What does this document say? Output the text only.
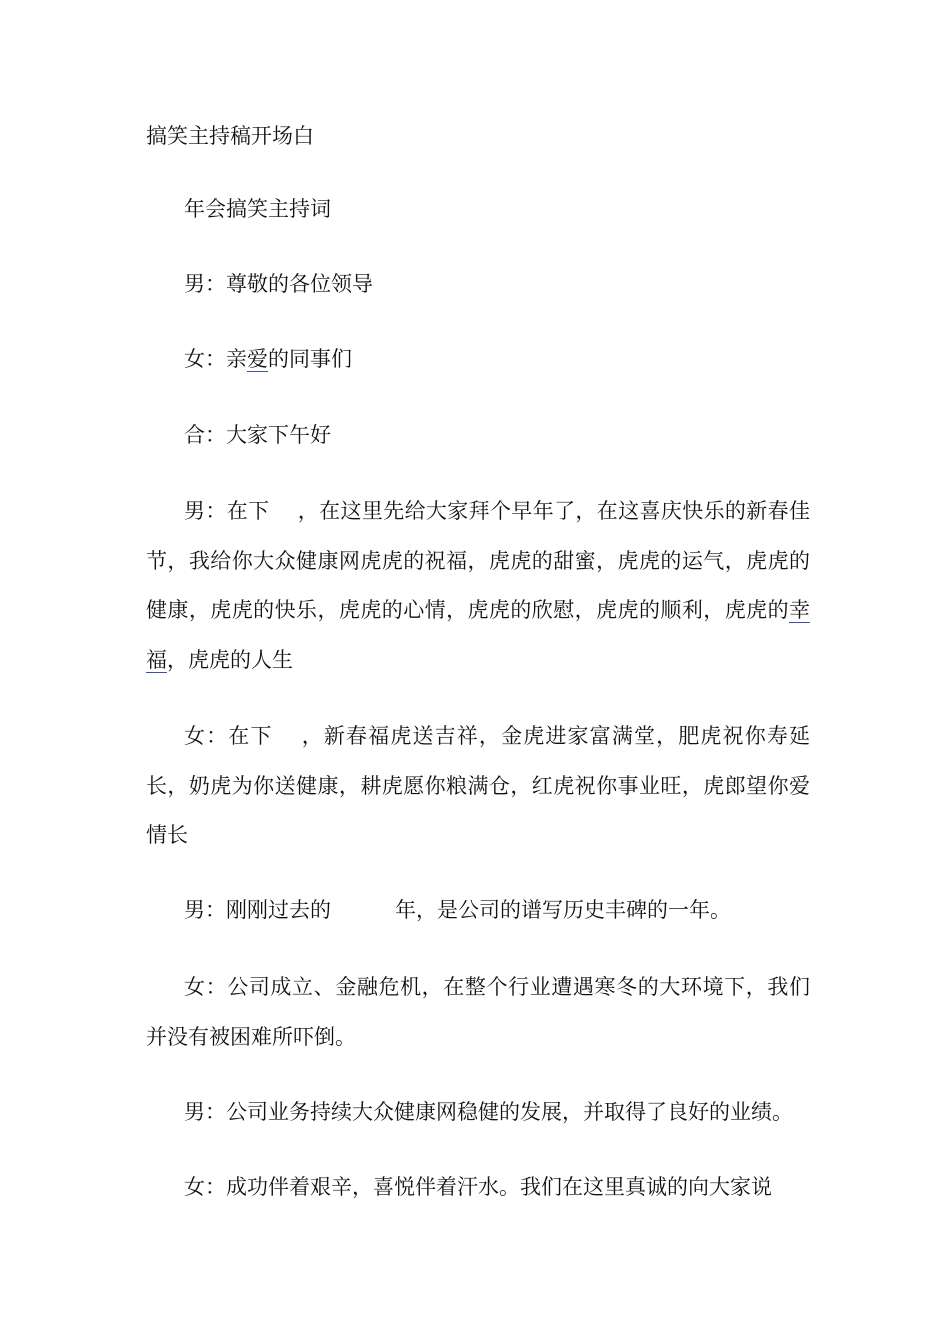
搞笑主持稿开场白

年会搞笑主持词

男：尊敬的各位领导

女：亲爱的同事们

合：大家下午好

男：在下 ，在这里先给大家拜个早年了，在这喜庆快乐的新春佳节，我给你大众健康网虎虎的祝福，虎虎的甜蜜，虎虎的运气，虎虎的健康，虎虎的快乐，虎虎的心情，虎虎的欣慰，虎虎的顺利，虎虎的幸福，虎虎的人生

女：在下 ，新春福虎送吉祥，金虎进家富满堂，肥虎祝你寿延长，奶虎为你送健康，耕虎愿你粮满仓，红虎祝你事业旺，虎郎望你爱情长

男：刚刚过去的	年，是公司的谱写历史丰碑的一年。

女：公司成立、金融危机，在整个行业遭遇寒冬的大环境下，我们并没有被困难所吓倒。

男：公司业务持续大众健康网稳健的发展，并取得了良好的业绩。

女：成功伴着艰辛，喜悦伴着汗水。我们在这里真诚的向大家说
